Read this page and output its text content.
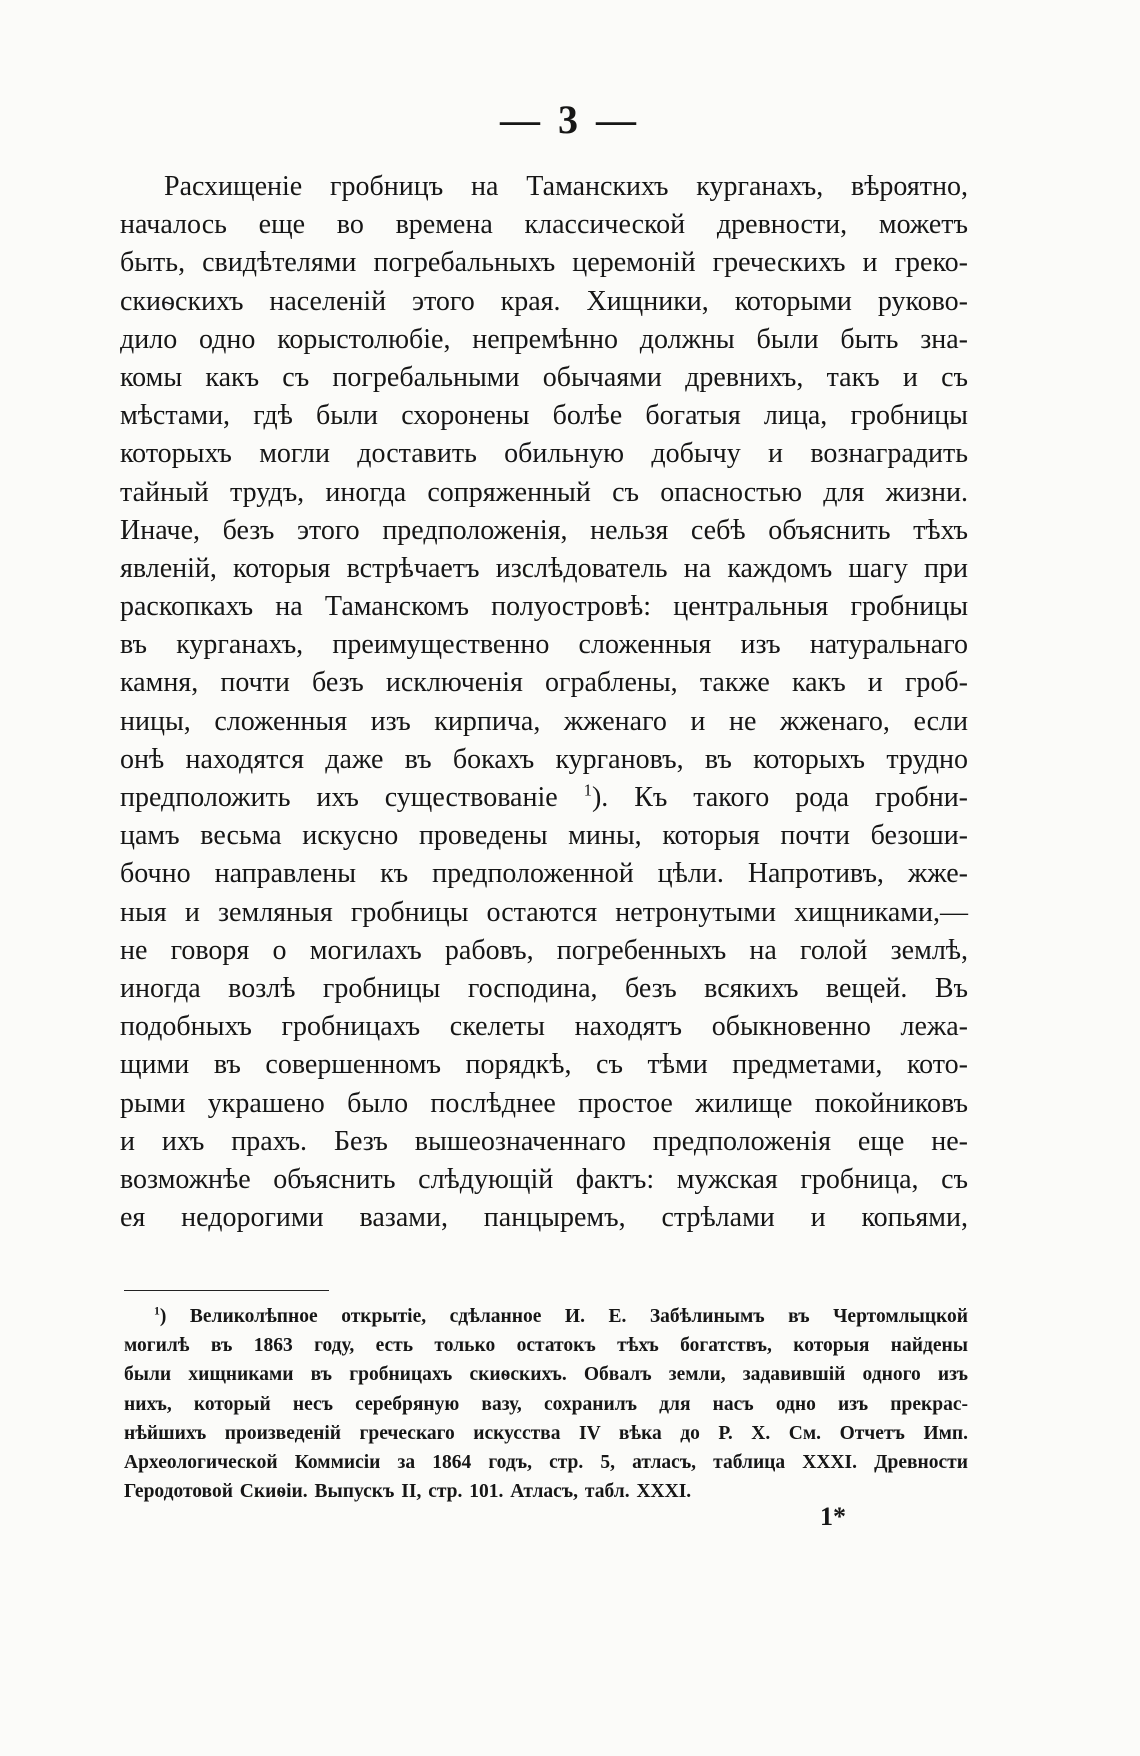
— 3 —
Расхищеніе гробницъ на Таманскихъ курганахъ, вѣроятно,
началось еще во времена классической древности, можетъ
быть, свидѣтелями погребальныхъ церемоній греческихъ и греко-
скиѳскихъ населеній этого края. Хищники, которыми руково-
дило одно корыстолюбіе, непремѣнно должны были быть зна-
комы какъ съ погребальными обычаями древнихъ, такъ и съ
мѣстами, гдѣ были схоронены болѣе богатыя лица, гробницы
которыхъ могли доставить обильную добычу и вознаградить
тайный трудъ, иногда сопряженный съ опасностью для жизни.
Иначе, безъ этого предположенія, нельзя себѣ объяснить тѣхъ
явленій, которыя встрѣчаетъ изслѣдователь на каждомъ шагу при
раскопкахъ на Таманскомъ полуостровѣ: центральныя гробницы
въ курганахъ, преимущественно сложенныя изъ натуральнаго
камня, почти безъ исключенія ограблены, также какъ и гроб-
ницы, сложенныя изъ кирпича, жженаго и не жженаго, если
онѣ находятся даже въ бокахъ кургановъ, въ которыхъ трудно
предположить ихъ существованіе $^1$). Къ такого рода гробни-
цамъ весьма искусно проведены мины, которыя почти безоши-
бочно направлены къ предположенной цѣли. Напротивъ, жже-
ныя и земляныя гробницы остаются нетронутыми хищниками,—
не говоря о могилахъ рабовъ, погребенныхъ на голой землѣ,
иногда возлѣ гробницы господина, безъ всякихъ вещей. Въ
подобныхъ гробницахъ скелеты находятъ обыкновенно лежа-
щими въ совершенномъ порядкѣ, съ тѣми предметами, кото-
рыми украшено было послѣднее простое жилище покойниковъ
и ихъ прахъ. Безъ вышеозначеннаго предположенія еще не-
возможнѣе объяснить слѣдующій фактъ: мужская гробница, съ
ея недорогими вазами, панцыремъ, стрѣлами и копьями,
$^1$) Великолѣпное открытіе, сдѣланное И. Е. Забѣлинымъ въ Чертомлыцкой
могилѣ въ 1863 году, есть только остатокъ тѣхъ богатствъ, которыя найдены
были хищниками въ гробницахъ скиѳскихъ. Обвалъ земли, задавившій одного изъ
нихъ, который несъ серебряную вазу, сохранилъ для насъ одно изъ прекрас-
нѣйшихъ произведеній греческаго искусства IV вѣка до Р. Х. См. Отчетъ Имп.
Археологической Коммисіи за 1864 годъ, стр. 5, атласъ, таблица XXXI. Древности
Геродотовой Скиѳіи. Выпускъ II, стр. 101. Атласъ, табл. XXXI.
1*
